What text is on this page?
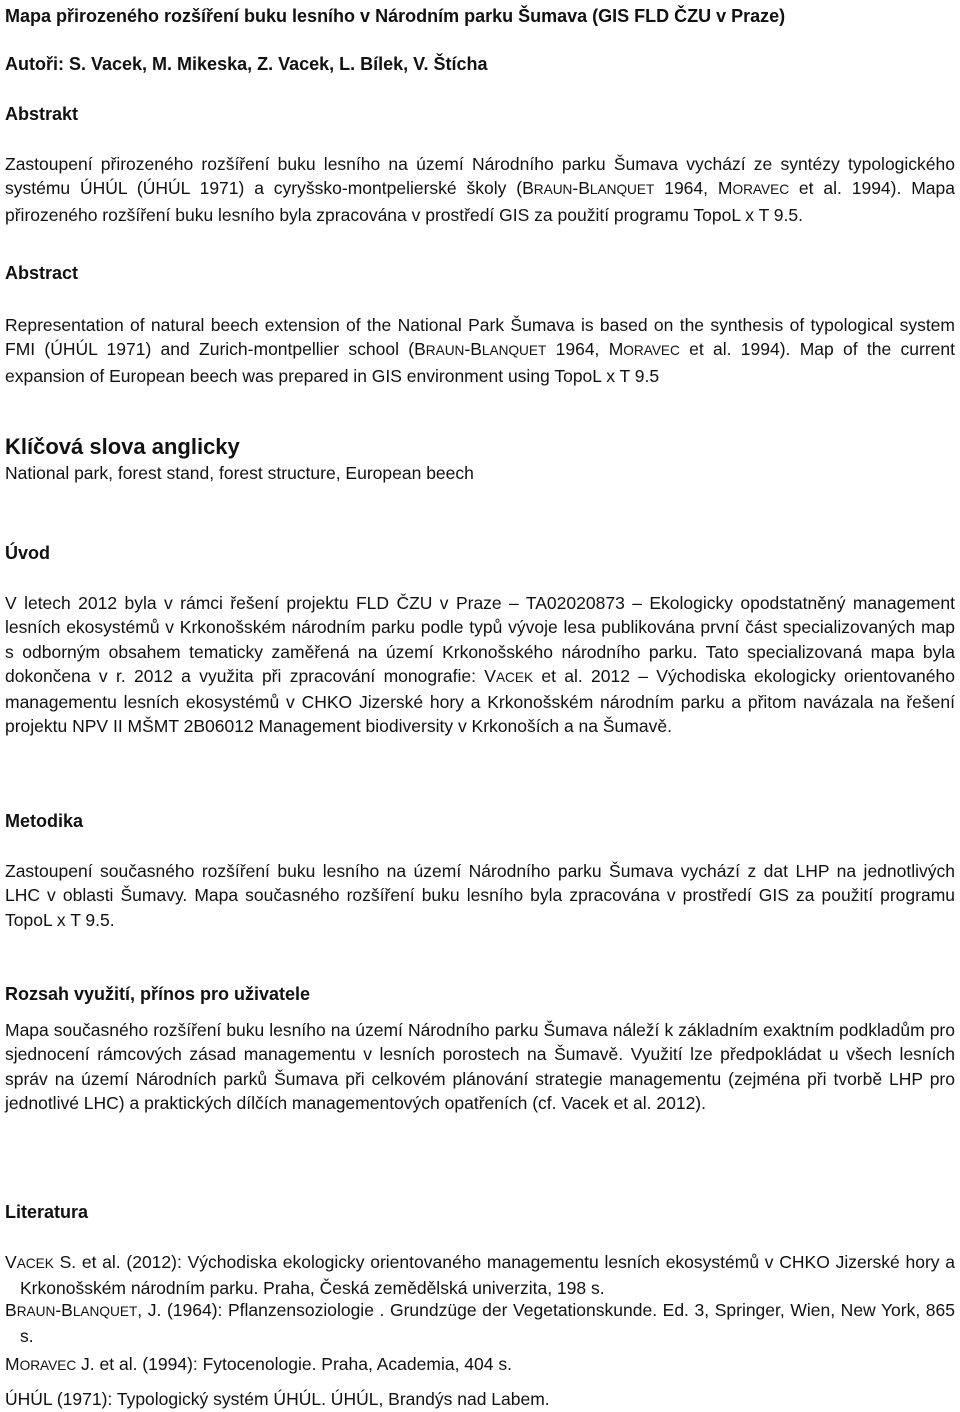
Mapa přirozeného rozšíření buku lesního v Národním parku Šumava (GIS FLD ČZU v Praze)
Autoři: S. Vacek, M. Mikeska, Z. Vacek, L. Bílek, V. Štícha
Abstrakt
Zastoupení přirozeného rozšíření buku lesního na území Národního parku Šumava vychází ze syntézy typologického systému ÚHÚL (ÚHÚL 1971) a cyryšsko-montpelierské školy (BRAUN-BLANQUET 1964, MORAVEC et al. 1994). Mapa přirozeného rozšíření buku lesního byla zpracována v prostředí GIS za použití programu TopoL x T 9.5.
Abstract
Representation of natural beech extension of the National Park Šumava is based on the synthesis of typological system FMI (ÚHÚL 1971) and Zurich-montpellier school (BRAUN-BLANQUET 1964, MORAVEC et al. 1994). Map of the current expansion of European beech was prepared in GIS environment using TopoL x T 9.5
Klíčová slova anglicky
National park, forest stand, forest structure, European beech
Úvod
V letech 2012 byla v rámci řešení projektu FLD ČZU v Praze – TA02020873 – Ekologicky opodstatněný management lesních ekosystémů v Krkonošském národním parku podle typů vývoje lesa publikována první část specializovaných map s odborným obsahem tematicky zaměřená na území Krkonošského národního parku. Tato specializovaná mapa byla dokončena v r. 2012 a využita při zpracování monografie: VACEK et al. 2012 – Východiska ekologicky orientovaného managementu lesních ekosystémů v CHKO Jizerské hory a Krkonošském národním parku a přitom navázala na řešení projektu NPV II MŠMT 2B06012 Management biodiversity v Krkonoších a na Šumavě.
Metodika
Zastoupení současného rozšíření buku lesního na území Národního parku Šumava vychází z dat LHP na jednotlivých LHC v oblasti Šumavy. Mapa současného rozšíření buku lesního byla zpracována v prostředí GIS za použití programu TopoL x T 9.5.
Rozsah využití, přínos pro uživatele
Mapa současného rozšíření buku lesního na území Národního parku Šumava náleží k základním exaktním podkladům pro sjednocení rámcových zásad managementu v lesních porostech na Šumavě. Využití lze předpokládat u všech lesních správ na území Národních parků Šumava při celkovém plánování strategie managementu (zejména při tvorbě LHP pro jednotlivé LHC) a praktických dílčích managementových opatřeních (cf. Vacek et al. 2012).
Literatura
VACEK S. et al. (2012): Východiska ekologicky orientovaného managementu lesních ekosystémů v CHKO Jizerské hory a Krkonošském národním parku. Praha, Česká zemědělská univerzita, 198 s.
BRAUN-BLANQUET, J. (1964): Pflanzensoziologie . Grundzüge der Vegetationskunde. Ed. 3, Springer, Wien, New York, 865 s.
MORAVEC J. et al. (1994): Fytocenologie. Praha, Academia, 404 s.
ÚHÚL (1971): Typologický systém ÚHÚL. ÚHÚL, Brandýs nad Labem.
